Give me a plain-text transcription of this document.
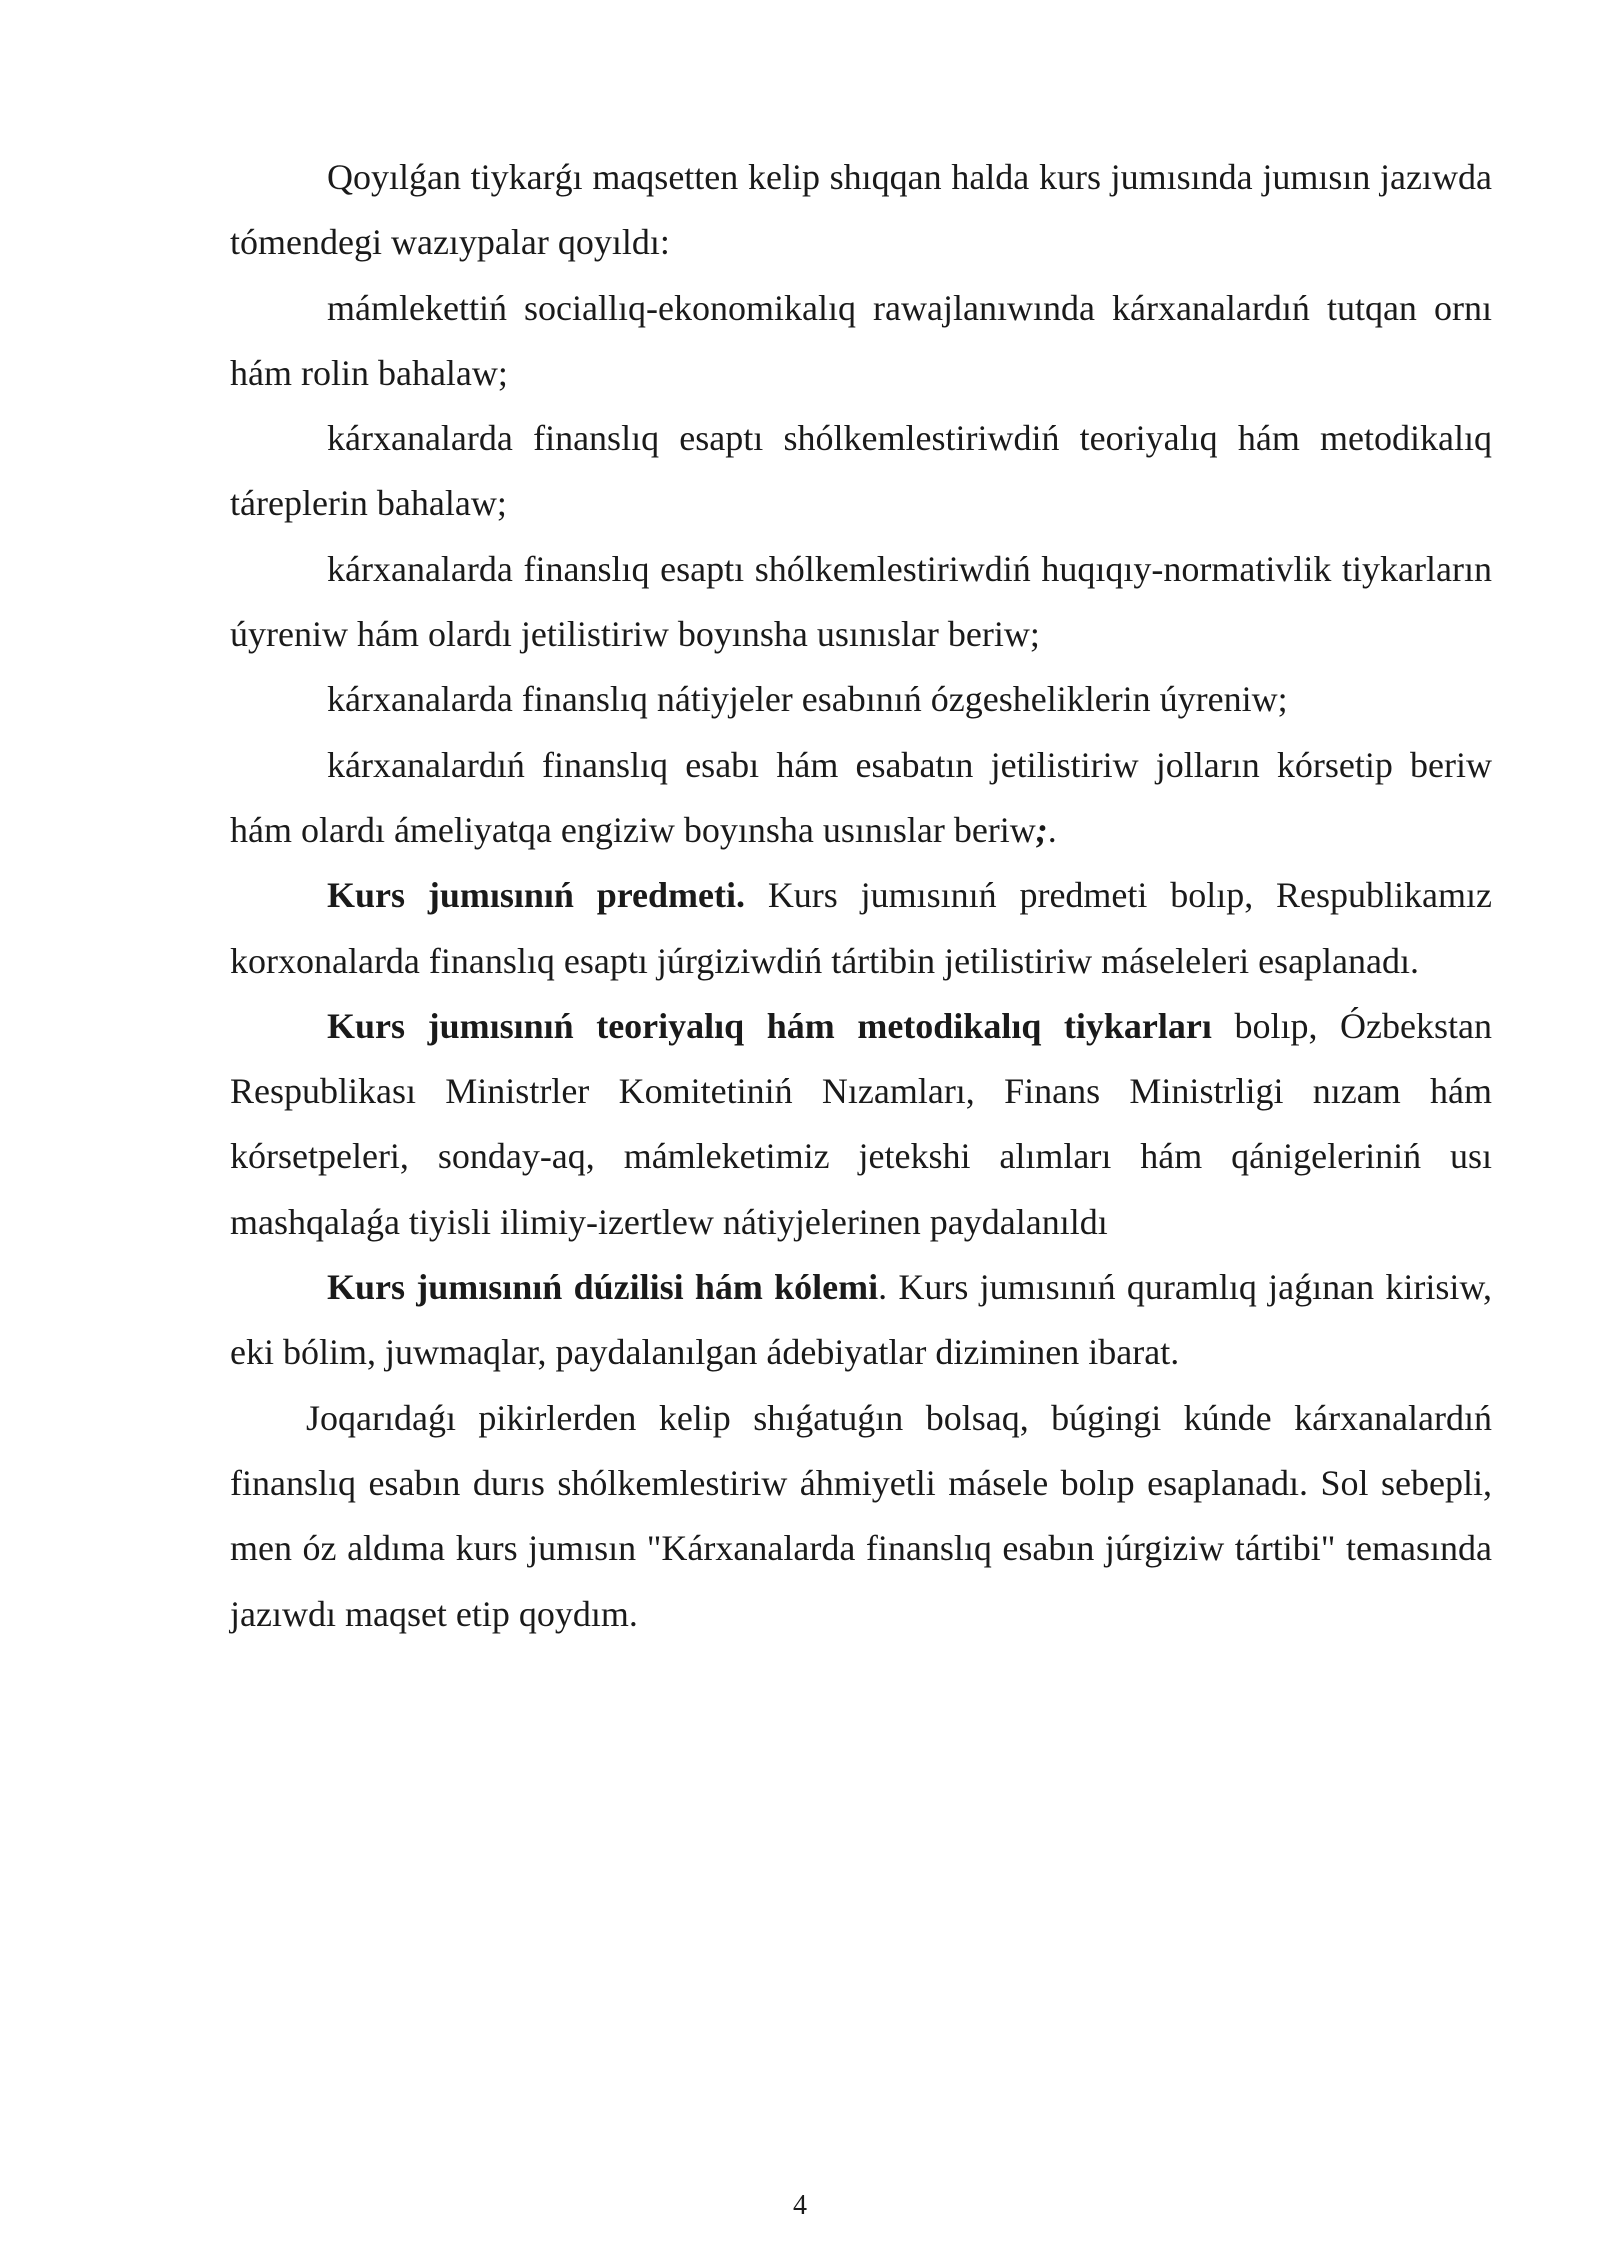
Qoyılǵan tiykarǵı maqsetten kelip shıqqan halda kurs jumısında jumısın jazıwda tómendegi wazıypalar qoyıldı:

mámlekettiń sociallıq-ekonomikalıq rawajlanıwında kárxanalardıń tutqan ornı hám rolin bahalaw;

kárxanalarda finanslıq esaptı shólkemlestiriwdiń teoriyalıq hám metodikalıq táreplerin bahalaw;

kárxanalarda finanslıq esaptı shólkemlestiriwdiń huqıqıy-normativlik tiykarların úyreniw hám olardı jetilistiriw boyınsha usınıslar beriw;

kárxanalarda finanslıq nátiyjeler esabınıń ózgesheliklerin úyreniw;

kárxanalardıń finanslıq esabı hám esabatın jetilistiriw jolların kórsetip beriw hám olardı ámeliyatqa engiziw boyınsha usınıslar beriw;.

Kurs jumısınıń predmeti. Kurs jumısınıń predmeti bolıp, Respublikamız korxonalarda finanslıq esaptı júrgiziwdiń tártibin jetilistiriw máseleleri esaplanadı.

Kurs jumısınıń teoriyalıq hám metodikalıq tiykarları bolıp, Ózbekstan Respublikası Ministrler Komitetiniń Nızamları, Finans Ministrligi nızam hám kórsetpeleri, sonday-aq, mámleketimiz jetekshi alımları hám qánigeleriniń usı mashqalaǵa tiyisli ilimiy-izertlew nátiyjelerinen paydalanıldı

Kurs jumısınıń dúzilisi hám kólemi. Kurs jumısınıń quramlıq jaǵınan kirisiw, eki bólim, juwmaqlar, paydalanılgan ádebiyatlar diziminen ibarat.

Joqarıdaǵı pikirlerden kelip shıǵatuǵın bolsaq, búgingi kúnde kárxanalardıń finanslıq esabın durıs shólkemlestiriw áhmiyetli másele bolıp esaplanadı. Sol sebepli, men óz aldıma kurs jumısın "Kárxanalarda finanslıq esabın júrgiziw tártibi" temasında jazıwdı maqset etip qoydım.

4
